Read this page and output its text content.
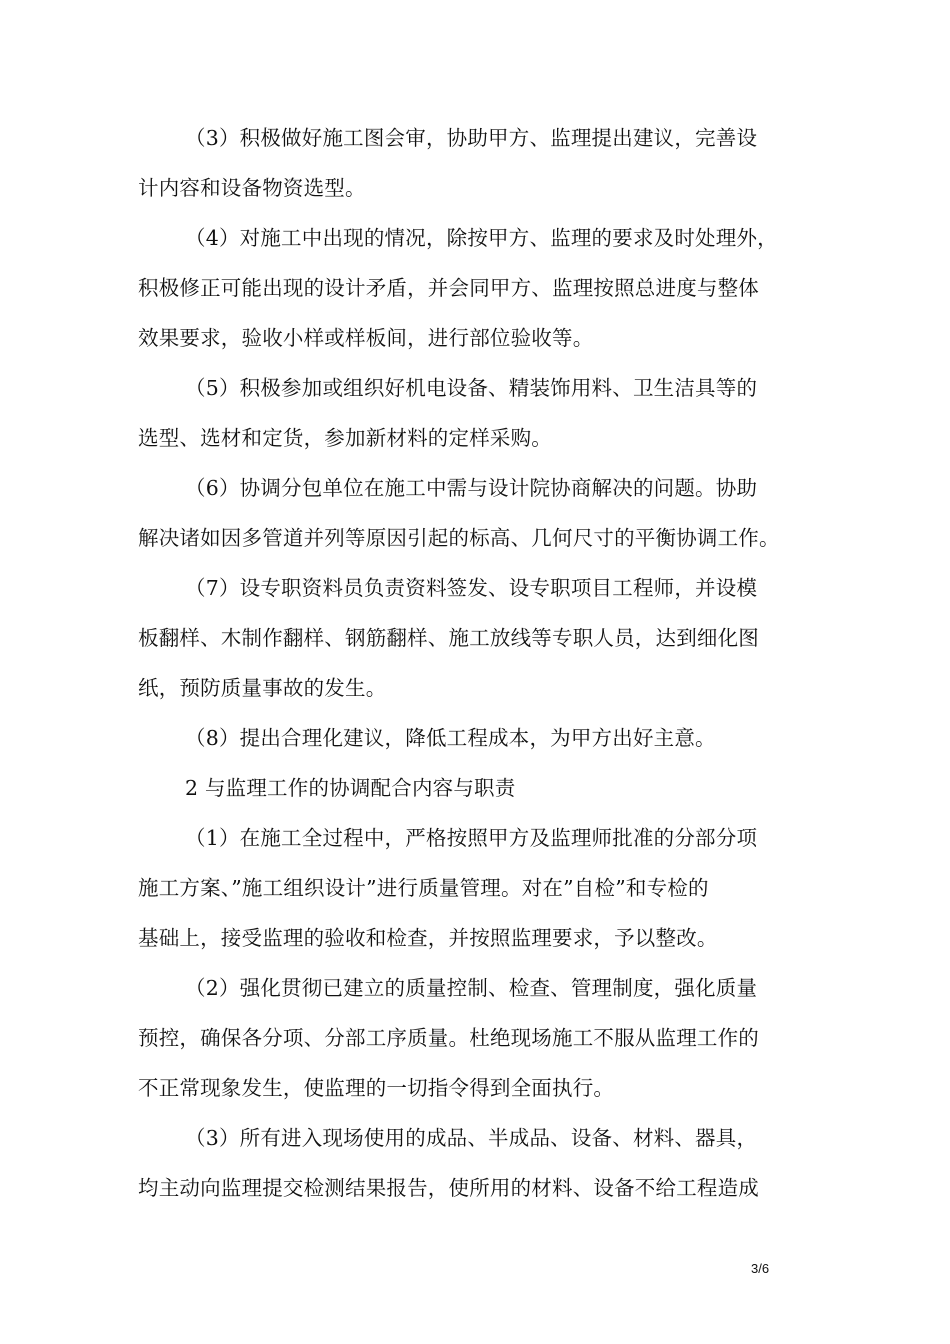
（3）积极做好施工图会审，协助甲方、监理提出建议，完善设
计内容和设备物资选型。
（4）对施工中出现的情况，除按甲方、监理的要求及时处理外，
积极修正可能出现的设计矛盾，并会同甲方、监理按照总进度与整体
效果要求，验收小样或样板间，进行部位验收等。
（5）积极参加或组织好机电设备、精装饰用料、卫生洁具等的
选型、选材和定货，参加新材料的定样采购。
（6）协调分包单位在施工中需与设计院协商解决的问题。协助
解决诸如因多管道并列等原因引起的标高、几何尺寸的平衡协调工作。
（7）设专职资料员负责资料签发、设专职项目工程师，并设模
板翻样、木制作翻样、钢筋翻样、施工放线等专职人员，达到细化图
纸，预防质量事故的发生。
（8）提出合理化建议，降低工程成本，为甲方出好主意。
2 与监理工作的协调配合内容与职责
（1）在施工全过程中，严格按照甲方及监理师批准的分部分项
施工方案、”施工组织设计”进行质量管理。对在”自检”和专检的
基础上，接受监理的验收和检查，并按照监理要求，予以整改。
（2）强化贯彻已建立的质量控制、检查、管理制度，强化质量
预控，确保各分项、分部工序质量。杜绝现场施工不服从监理工作的
不正常现象发生，使监理的一切指令得到全面执行。
（3）所有进入现场使用的成品、半成品、设备、材料、器具，
均主动向监理提交检测结果报告，使所用的材料、设备不给工程造成
3/6
